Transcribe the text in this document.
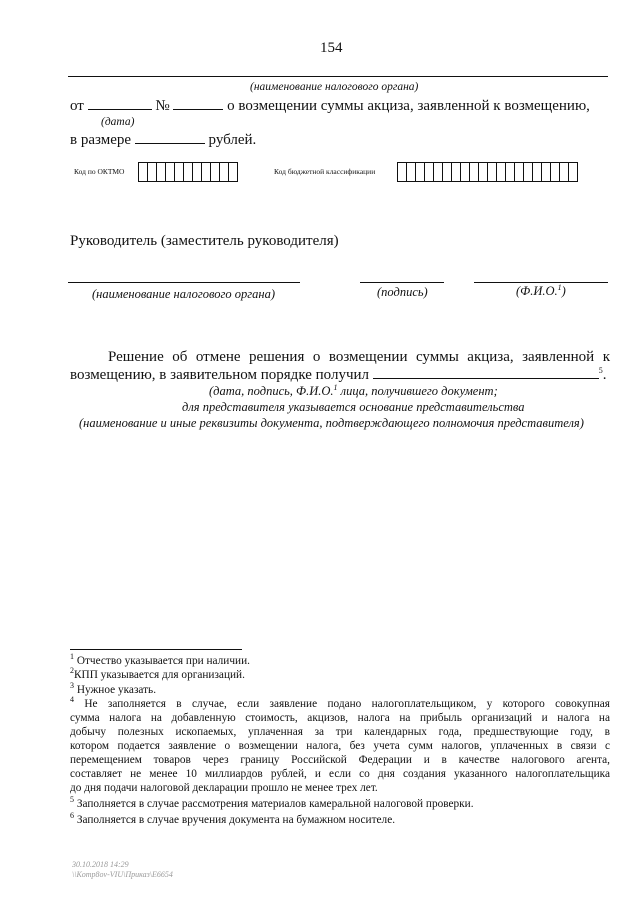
154
(наименование налогового органа)
от	№	о возмещении суммы акциза, заявленной к возмещению,
(дата)
в размере	рублей.
Код по ОКТМО	Код бюджетной классификации
Руководитель (заместитель руководителя)
(наименование налогового органа)	(подпись)	(Ф.И.О.$^1$)
Решение об отмене решения о возмещении суммы акциза, заявленной к
возмещению, в заявительном порядке получил	$^5$.
(дата, подпись, Ф.И.О.$^1$ лица, получившего документ;
для представителя указывается основание представительства
(наименование и иные реквизиты документа, подтверждающего полномочия представителя)
$^1$ Отчество указывается при наличии.
$^2$КПП указывается для организаций.
$^3$ Нужное указать.
$^4$ Не заполняется в случае, если заявление подано налогоплательщиком, у которого совокупная
сумма налога на добавленную стоимость, акцизов, налога на прибыль организаций и налога на
добычу полезных ископаемых, уплаченная за три календарных года, предшествующие году, в
котором подается заявление о возмещении налога, без учета сумм налогов, уплаченных в связи с
перемещением товаров через границу Российской Федерации и в качестве налогового агента,
составляет не менее 10 миллиардов рублей, и если со дня создания указанного налогоплательщика
до дня подачи налоговой декларации прошло не менее трех лет.
$^5$ Заполняется в случае рассмотрения материалов камеральной налоговой проверки.
$^6$ Заполняется в случае вручения документа на бумажном носителе.
30.10.2018 14:29
\\Komp8ov-VIU\Приказ\Е6654
